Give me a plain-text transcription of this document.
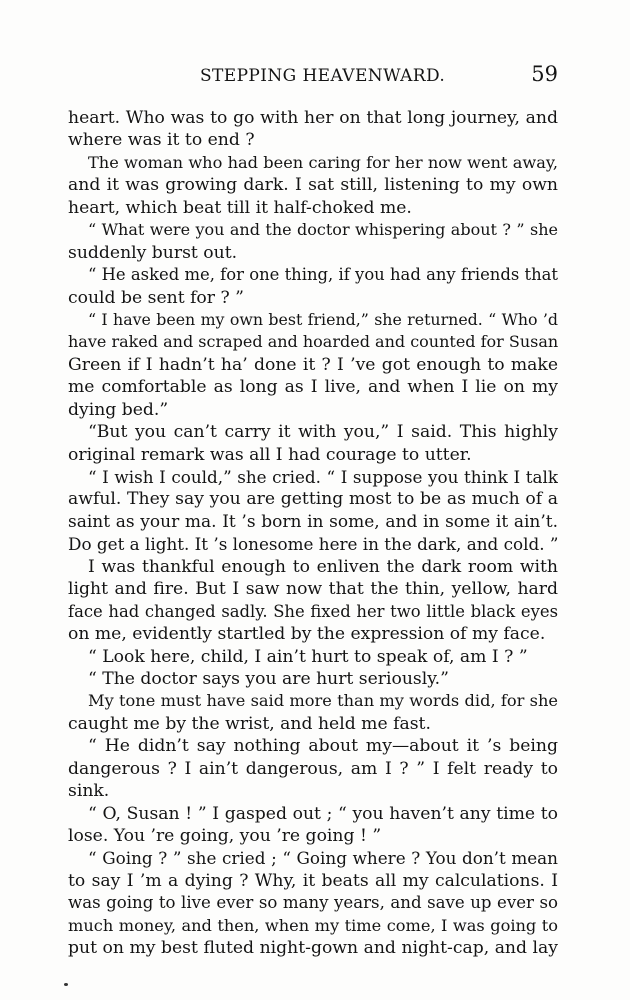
STEPPING HEAVENWARD.	59
heart. Who was to go with her on that long journey, and
where was it to end ?
The woman who had been caring for her now went away,
and it was growing dark. I sat still, listening to my own
heart, which beat till it half-choked me.
“ What were you and the doctor whispering about ? ” she
suddenly burst out.
“ He asked me, for one thing, if you had any friends that
could be sent for ? ”
“ I have been my own best friend,” she returned. “ Who ’d
have raked and scraped and hoarded and counted for Susan
Green if I hadn’t ha’ done it ? I ’ve got enough to make
me comfortable as long as I live, and when I lie on my
dying bed.”
“But you can’t carry it with you,” I said. This highly
original remark was all I had courage to utter.
“ I wish I could,” she cried. “ I suppose you think I talk
awful. They say you are getting most to be as much of a
saint as your ma. It ’s born in some, and in some it ain’t.
Do get a light. It ’s lonesome here in the dark, and cold. ”
I was thankful enough to enliven the dark room with
light and fire. But I saw now that the thin, yellow, hard
face had changed sadly. She fixed her two little black eyes
on me, evidently startled by the expression of my face.
“ Look here, child, I ain’t hurt to speak of, am I ? ”
“ The doctor says you are hurt seriously.”
My tone must have said more than my words did, for she
caught me by the wrist, and held me fast.
“ He didn’t say nothing about my—about it ’s being
dangerous ? I ain’t dangerous, am I ? ” I felt ready to
sink.
“ O, Susan ! ” I gasped out ; “ you haven’t any time to
lose. You ’re going, you ’re going ! ”
“ Going ? ” she cried ; “ Going where ? You don’t mean
to say I ’m a dying ? Why, it beats all my calculations. I
was going to live ever so many years, and save up ever so
much money, and then, when my time come, I was going to
put on my best fluted night-gown and night-cap, and lay
